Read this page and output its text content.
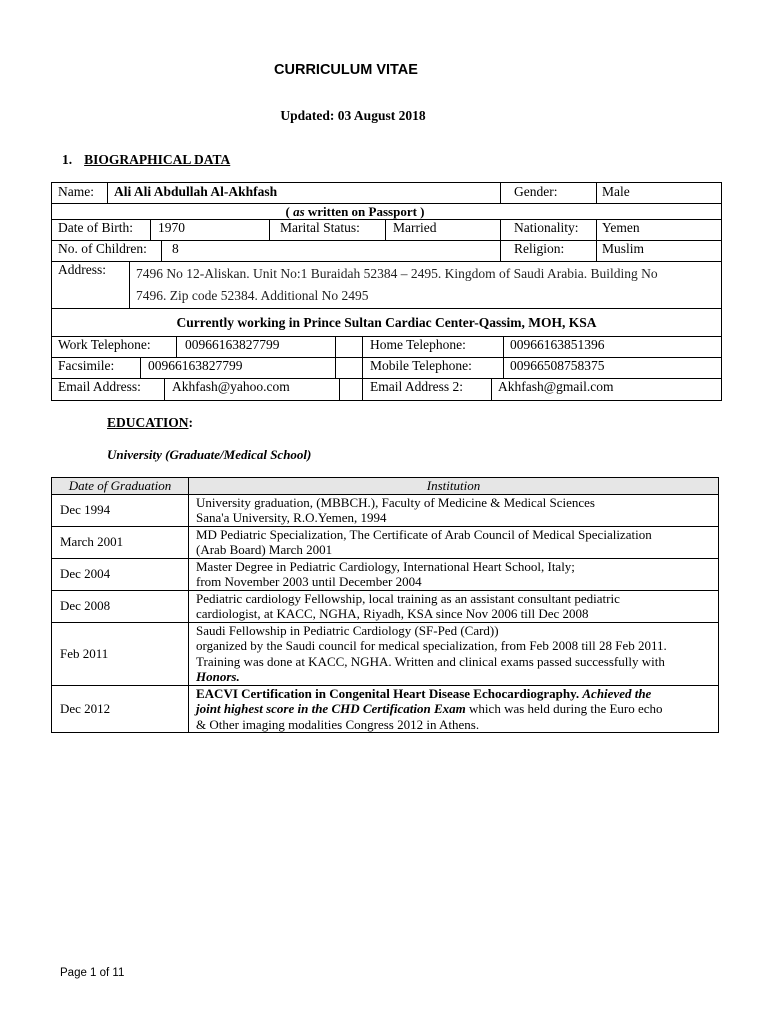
CURRICULUM VITAE
Updated: 03 August 2018
1. BIOGRAPHICAL DATA
Name: Ali Ali Abdullah Al-Akhfash	Gender:	Male
( as written on Passport )
Date of Birth: 1970	Marital Status: Married	Nationality: Yemen
No. of Children: 8	Religion:	Muslim
Address: 7496 No 12-Aliskan. Unit No:1 Buraidah 52384 – 2495. Kingdom of Saudi Arabia. Building No
7496. Zip code 52384. Additional No 2495
Currently working in Prince Sultan Cardiac Center-Qassim, MOH, KSA
Work Telephone:	00966163827799	Home Telephone:	00966163851396
Facsimile:	00966163827799	Mobile Telephone:	00966508758375
Email Address: Akhfash@yahoo.com	Email Address 2:	Akhfash@gmail.com
EDUCATION:
University (Graduate/Medical School)
Date of Graduation	Institution
Dec 1994	University graduation, (MBBCH.), Faculty of Medicine & Medical Sciences
Sana'a University, R.O.Yemen, 1994

March 2001	MD Pediatric Specialization, The Certificate of Arab Council of Medical Specialization
(Arab Board) March 2001

Dec 2004	Master Degree in Pediatric Cardiology, International Heart School, Italy;
from November 2003 until December 2004

Dec 2008	Pediatric cardiology Fellowship, local training as an assistant consultant pediatric
cardiologist, at KACC, NGHA, Riyadh, KSA since Nov 2006 till Dec 2008

Feb 2011	Saudi Fellowship in Pediatric Cardiology (SF-Ped (Card))
organized by the Saudi council for medical specialization, from Feb 2008 till 28 Feb 2011.
Training was done at KACC, NGHA. Written and clinical exams passed successfully with
Honors.

Dec 2012	EACVI Certification in Congenital Heart Disease Echocardiography. Achieved the
joint highest score in the CHD Certification Exam which was held during the Euro echo
& Other imaging modalities Congress 2012 in Athens.
Page 1 of 11
